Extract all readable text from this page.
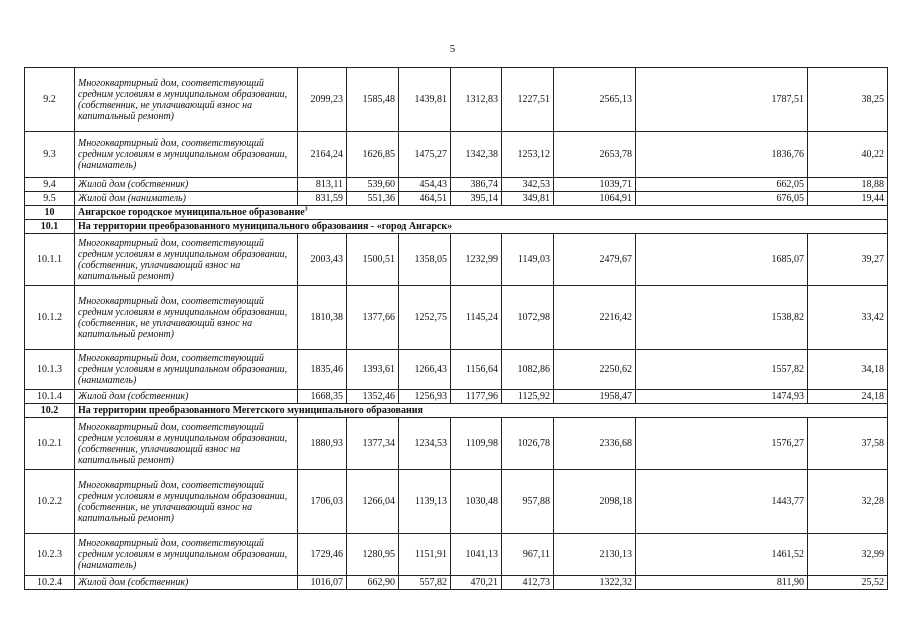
5
9.2	Многоквартирный дом, соответствующий средним условиям в муниципальном образовании, (собственник, не уплачивающий взнос на капитальный ремонт)	2099,23	1585,48	1439,81	1312,83	1227,51	2565,13	1787,51	38,25
9.3	Многоквартирный дом, соответствующий средним условиям в муниципальном образовании, (наниматель)	2164,24	1626,85	1475,27	1342,38	1253,12	2653,78	1836,76	40,22
9.4	Жилой дом (собственник)	813,11	539,60	454,43	386,74	342,53	1039,71	662,05	18,88
9.5	Жилой дом (наниматель)	831,59	551,36	464,51	395,14	349,81	1064,91	676,05	19,44
10	Ангарское городское муниципальное образование$^3$
10.1	На территории преобразованного муниципального образования - «город Ангарск»								
10.1.1	Многоквартирный дом, соответствующий средним условиям в муниципальном образовании, (собственник, уплачивающий взнос на капитальный ремонт)	2003,43	1500,51	1358,05	1232,99	1149,03	2479,67	1685,07	39,27
10.1.2	Многоквартирный дом, соответствующий средним условиям в муниципальном образовании, (собственник, не уплачивающий взнос на капитальный ремонт)	1810,38	1377,66	1252,75	1145,24	1072,98	2216,42	1538,82	33,42
10.1.3	Многоквартирный дом, соответствующий средним условиям в муниципальном образовании, (наниматель)	1835,46	1393,61	1266,43	1156,64	1082,86	2250,62	1557,82	34,18
10.1.4	Жилой дом (собственник)	1668,35	1352,46	1256,93	1177,96	1125,92	1958,47	1474,93	24,18
10.2	На территории преобразованного Мегетского муниципального образования								
10.2.1	Многоквартирный дом, соответствующий средним условиям в муниципальном образовании, (собственник, уплачивающий взнос на капитальный ремонт)	1880,93	1377,34	1234,53	1109,98	1026,78	2336,68	1576,27	37,58
10.2.2	Многоквартирный дом, соответствующий средним условиям в муниципальном образовании, (собственник, не уплачивающий взнос на капитальный ремонт)	1706,03	1266,04	1139,13	1030,48	957,88	2098,18	1443,77	32,28
10.2.3	Многоквартирный дом, соответствующий средним условиям в муниципальном образовании, (наниматель)	1729,46	1280,95	1151,91	1041,13	967,11	2130,13	1461,52	32,99
10.2.4	Жилой дом (собственник)	1016,07	662,90	557,82	470,21	412,73	1322,32	811,90	25,52
